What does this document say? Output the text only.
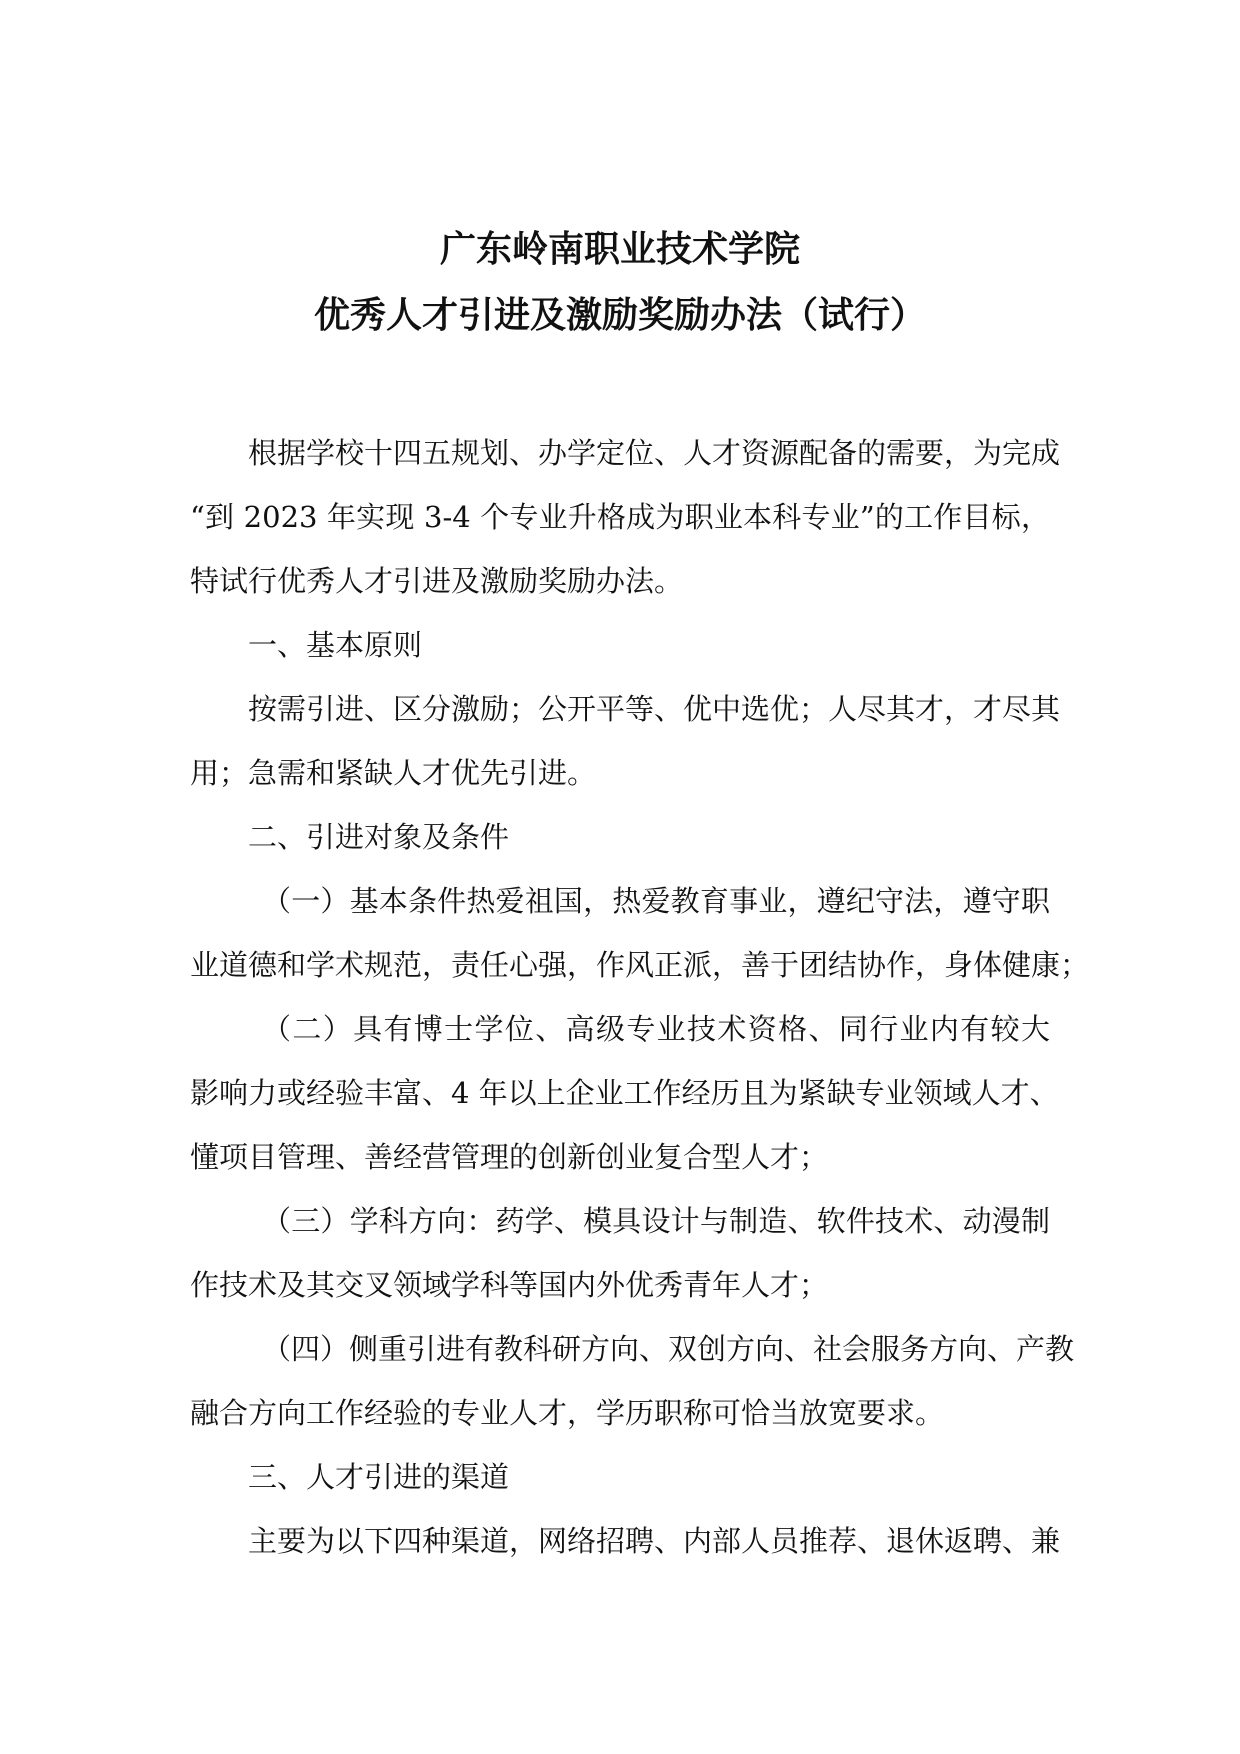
广东岭南职业技术学院
优秀人才引进及激励奖励办法（试行）
根据学校十四五规划、办学定位、人才资源配备的需要，为完成
“到 2023 年实现 3-4 个专业升格成为职业本科专业”的工作目标，
特试行优秀人才引进及激励奖励办法。
一、基本原则
按需引进、区分激励；公开平等、优中选优；人尽其才，才尽其
用；急需和紧缺人才优先引进。
二、引进对象及条件
（一）基本条件热爱祖国，热爱教育事业，遵纪守法，遵守职
业道德和学术规范，责任心强，作风正派，善于团结协作，身体健康；
（二）具有博士学位、高级专业技术资格、同行业内有较大
影响力或经验丰富、4 年以上企业工作经历且为紧缺专业领域人才、
懂项目管理、善经营管理的创新创业复合型人才；
（三）学科方向：药学、模具设计与制造、软件技术、动漫制
作技术及其交叉领域学科等国内外优秀青年人才；
（四）侧重引进有教科研方向、双创方向、社会服务方向、产教
融合方向工作经验的专业人才，学历职称可恰当放宽要求。
三、人才引进的渠道
主要为以下四种渠道，网络招聘、内部人员推荐、退休返聘、兼
